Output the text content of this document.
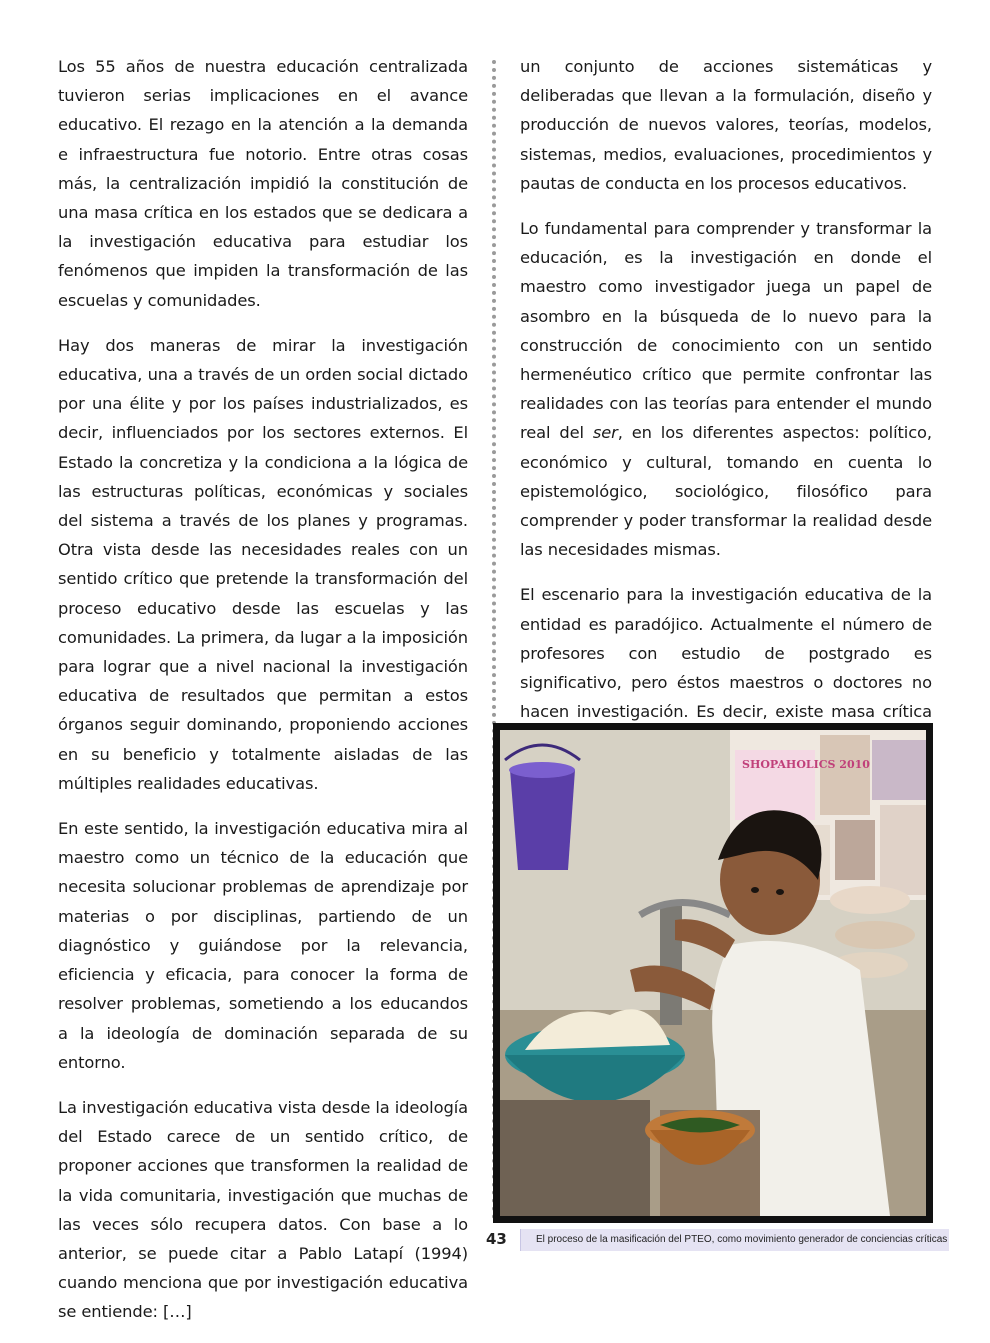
Los 55 años de nuestra educación centralizada tuvieron serias implicaciones en el avance educativo. El rezago en la atención a la demanda e infraestructura fue notorio. Entre otras cosas más, la centralización impidió la constitución de una masa crítica en los estados que se dedicara a la investigación educativa para estudiar los fenómenos que impiden la transformación de las escuelas y comunidades.

Hay dos maneras de mirar la investigación educativa, una a través de un orden social dictado por una élite y por los países industrializados, es decir, influenciados por los sectores externos. El Estado la concretiza y la condiciona a la lógica de las estructuras políticas, económicas y sociales del sistema a través de los planes y programas. Otra vista desde las necesidades reales con un sentido crítico que pretende la transformación del proceso educativo desde las escuelas y las comunidades. La primera, da lugar a la imposición para lograr que a nivel nacional la investigación educativa de resultados que permitan a estos órganos seguir dominando, proponiendo acciones en su beneficio y totalmente aisladas de las múltiples realidades educativas.

En este sentido, la investigación educativa mira al maestro como un técnico de la educación que necesita solucionar problemas de aprendizaje por materias o por disciplinas, partiendo de un diagnóstico y guiándose por la relevancia, eficiencia y eficacia, para conocer la forma de resolver problemas, sometiendo a los educandos a la ideología de dominación separada de su entorno.

La investigación educativa vista desde la ideología del Estado carece de un sentido crítico, de proponer acciones que transformen la realidad de la vida comunitaria, investigación que muchas de las veces sólo recupera datos. Con base a lo anterior, se puede citar a Pablo Latapí (1994) cuando menciona que por investigación educativa se entiende: […]

un conjunto de acciones sistemáticas y deliberadas que llevan a la formulación, diseño y producción de nuevos valores, teorías, modelos, sistemas, medios, evaluaciones, procedimientos y pautas de conducta en los procesos educativos.

Lo fundamental para comprender y transformar la educación, es la investigación en donde el maestro como investigador juega un papel de asombro en la búsqueda de lo nuevo para la construcción de conocimiento con un sentido hermenéutico crítico que permite confrontar las realidades con las teorías para entender el mundo real del ser, en los diferentes aspectos: político, económico y cultural, tomando en cuenta lo epistemológico, sociológico, filosófico para comprender y poder transformar la realidad desde las necesidades mismas.

El escenario para la investigación educativa de la entidad es paradójico. Actualmente el número de profesores con estudio de postgrado es significativo, pero éstos maestros o doctores no hacen investigación. Es decir, existe masa crítica

SHOPAHOLICS 2010
43	El proceso de la masificación del PTEO, como movimiento generador de conciencias críticas
